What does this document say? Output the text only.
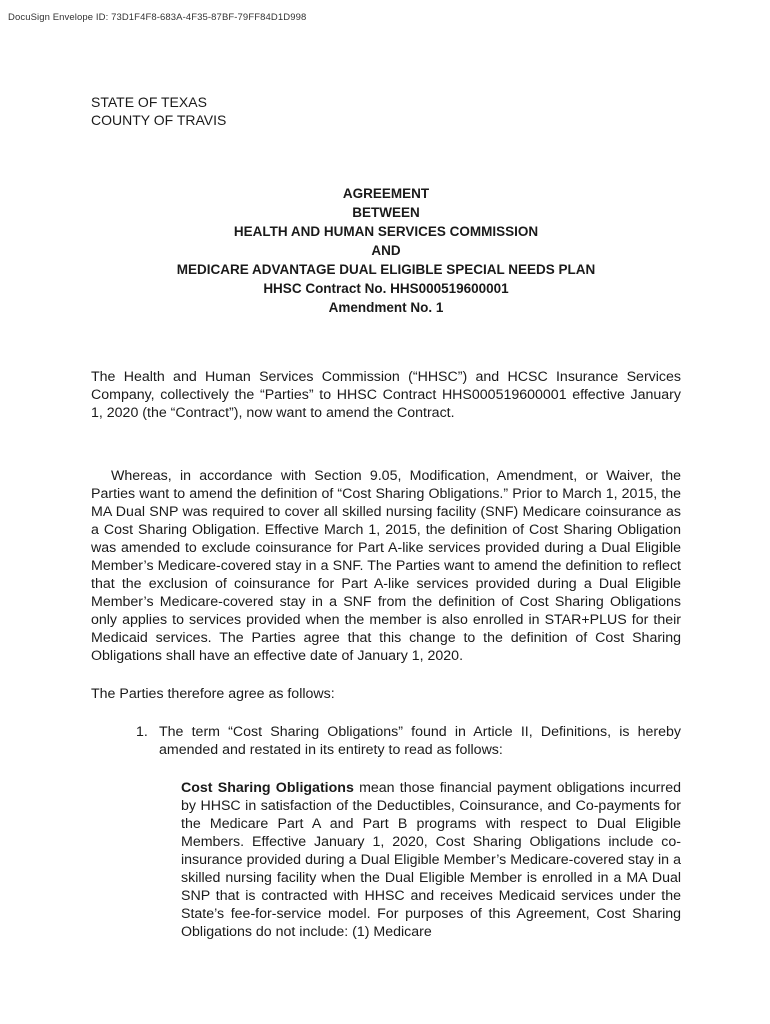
DocuSign Envelope ID: 73D1F4F8-683A-4F35-87BF-79FF84D1D998
STATE OF TEXAS
COUNTY OF TRAVIS
AGREEMENT
BETWEEN
HEALTH AND HUMAN SERVICES COMMISSION
AND
MEDICARE ADVANTAGE DUAL ELIGIBLE SPECIAL NEEDS PLAN
HHSC Contract No. HHS000519600001
Amendment No. 1

The Health and Human Services Commission (“HHSC”) and HCSC Insurance Services Company, collectively the “Parties” to HHSC Contract HHS000519600001 effective January 1, 2020 (the “Contract”), now want to amend the Contract.

Whereas, in accordance with Section 9.05, Modification, Amendment, or Waiver, the Parties want to amend the definition of “Cost Sharing Obligations.” Prior to March 1, 2015, the MA Dual SNP was required to cover all skilled nursing facility (SNF) Medicare coinsurance as a Cost Sharing Obligation. Effective March 1, 2015, the definition of Cost Sharing Obligation was amended to exclude coinsurance for Part A-like services provided during a Dual Eligible Member’s Medicare-covered stay in a SNF. The Parties want to amend the definition to reflect that the exclusion of coinsurance for Part A-like services provided during a Dual Eligible Member’s Medicare-covered stay in a SNF from the definition of Cost Sharing Obligations only applies to services provided when the member is also enrolled in STAR+PLUS for their Medicaid services. The Parties agree that this change to the definition of Cost Sharing Obligations shall have an effective date of January 1, 2020.

The Parties therefore agree as follows:

1. The term “Cost Sharing Obligations” found in Article II, Definitions, is hereby amended and restated in its entirety to read as follows:

Cost Sharing Obligations mean those financial payment obligations incurred by HHSC in satisfaction of the Deductibles, Coinsurance, and Co-payments for the Medicare Part A and Part B programs with respect to Dual Eligible Members. Effective January 1, 2020, Cost Sharing Obligations include co-insurance provided during a Dual Eligible Member’s Medicare-covered stay in a skilled nursing facility when the Dual Eligible Member is enrolled in a MA Dual SNP that is contracted with HHSC and receives Medicaid services under the State’s fee-for-service model. For purposes of this Agreement, Cost Sharing Obligations do not include: (1) Medicare
